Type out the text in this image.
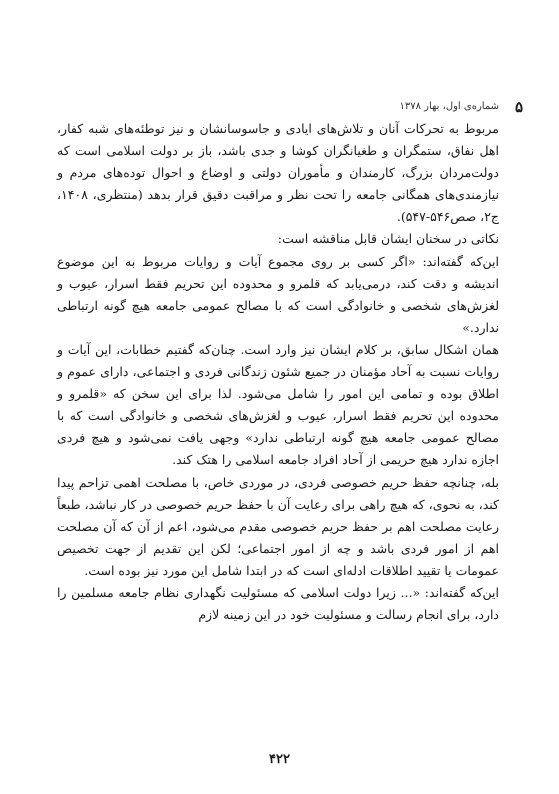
۵
شماره‌ی اول، بهار ۱۳۷۸

مربوط به تحرکات آنان و تلاش‌های ایادی و جاسوسانشان و نیز توطئه‌های شبه کفار، اهل نفاق، ستمگران و طغیانگران کوشا و جدی باشد، باز بر دولت اسلامی است که دولت‌مردان بزرگ، کارمندان و مأموران دولتی و اوضاع و احوال توده‌های مردم و نیازمندی‌های همگانی جامعه را تحت نظر و مراقبت دقیق قرار بدهد (منتظری، ۱۴۰۸، ج۲، صص۵۴۶-۵۴۷).

نکاتی در سخنان ایشان قابل مناقشه است:

این‌که گفته‌اند: «اگر کسی بر روی مجموع آیات و روایات مربوط به این موضوع اندیشه و دقت کند، درمی‌یابد که قلمرو و محدوده این تحریم فقط اسرار، عیوب و لغزش‌های شخصی و خانوادگی است که با مصالح عمومی جامعه هیچ گونه ارتباطی ندارد.»

همان اشکال سابق، بر کلام ایشان نیز وارد است. چنان‌که گفتیم خطابات، این آیات و روایات نسبت به آحاد مؤمنان در جمیع شئون زندگانی فردی و اجتماعی، دارای عموم و اطلاق بوده و تمامی این امور را شامل می‌شود. لذا برای این سخن که «قلمرو و محدوده این تحریم فقط اسرار، عیوب و لغزش‌های شخصی و خانوادگی است که با مصالح عمومی جامعه هیچ گونه ارتباطی ندارد» وجهی یافت نمی‌شود و هیچ فردی اجازه ندارد هیچ حریمی از آحاد افراد جامعه اسلامی را هتک کند.

بله، چنانچه حفظ حریم خصوصی فردی، در موردی خاص، با مصلحت اهمی تزاحم پیدا کند، به نحوی، که هیچ راهی برای رعایت آن با حفظ حریم خصوصی در کار نباشد، طبعاً رعایت مصلحت اهم بر حفظ حریم خصوصی مقدم می‌شود، اعم از آن که آن مصلحت اهم از امور فردی باشد و چه از امور اجتماعی؛ لکن این تقدیم از جهت تخصیص عمومات یا تقیید اطلاقات ادله‌ای است که در ابتدا شامل این مورد نیز بوده است.

این‌که گفته‌اند: «... زیرا دولت اسلامی که مسئولیت نگهداری نظام جامعه مسلمین را دارد، برای انجام رسالت و مسئولیت خود در این زمینه لازم

۴۲۲
